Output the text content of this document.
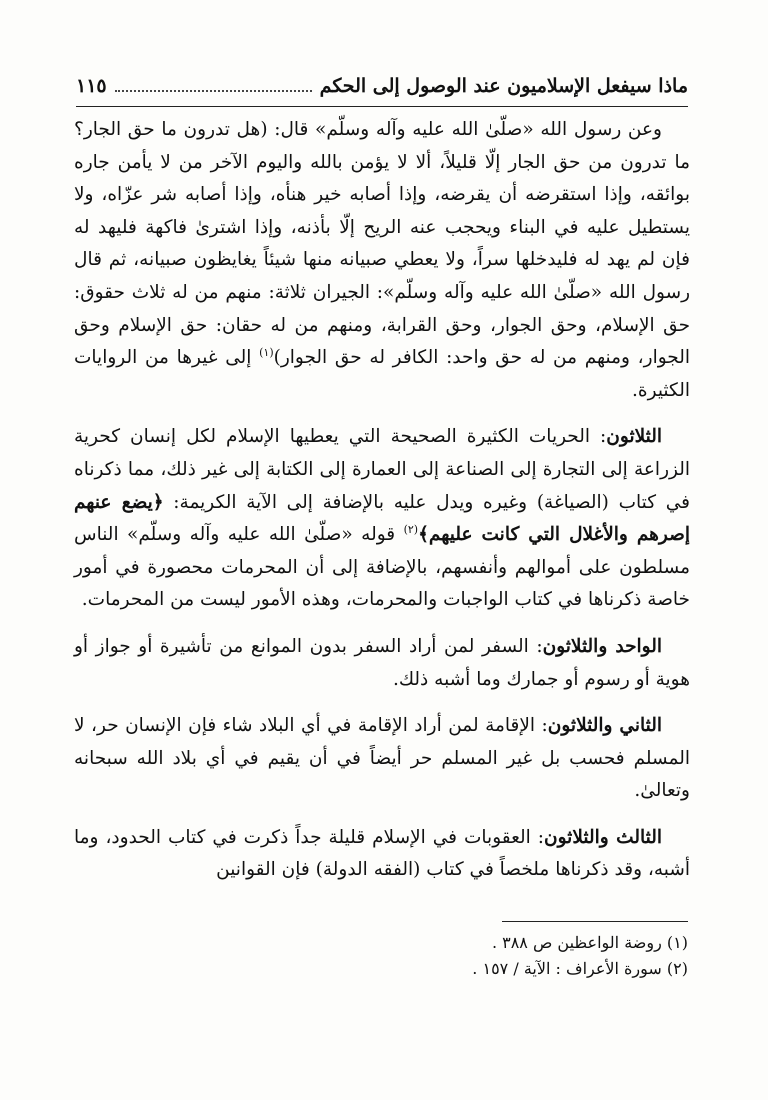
ماذا سيفعل الإسلاميون عند الوصول إلى الحكم
١١٥

وعن رسول الله «صلّىٰ الله عليه وآله وسلّم» قال: (هل تدرون ما حق الجار؟ ما تدرون من حق الجار إلّا قليلاً، ألا لا يؤمن بالله واليوم الآخر من لا يأمن جاره بوائقه، وإذا استقرضه أن يقرضه، وإذا أصابه خير هنأه، وإذا أصابه شر عزّاه، ولا يستطيل عليه في البناء ويحجب عنه الريح إلّا بأذنه، وإذا اشترىٰ فاكهة فليهد له فإن لم يهد له فليدخلها سراً، ولا يعطي صبيانه منها شيئاً يغايظون صبيانه، ثم قال رسول الله «صلّىٰ الله عليه وآله وسلّم»: الجيران ثلاثة: منهم من له ثلاث حقوق: حق الإسلام، وحق الجوار، وحق القرابة، ومنهم من له حقان: حق الإسلام وحق الجوار، ومنهم من له حق واحد: الكافر له حق الجوار)$^{(١)}$ إلى غيرها من الروايات الكثيرة.

الثلاثون: الحريات الكثيرة الصحيحة التي يعطيها الإسلام لكل إنسان كحرية الزراعة إلى التجارة إلى الصناعة إلى العمارة إلى الكتابة إلى غير ذلك، مما ذكرناه في كتاب (الصياغة) وغيره ويدل عليه بالإضافة إلى الآية الكريمة: ﴿يضع عنهم إصرهم والأغلال التي كانت عليهم﴾$^{(٢)}$ قوله «صلّىٰ الله عليه وآله وسلّم» الناس مسلطون على أموالهم وأنفسهم، بالإضافة إلى أن المحرمات محصورة في أمور خاصة ذكرناها في كتاب الواجبات والمحرمات، وهذه الأمور ليست من المحرمات.

الواحد والثلاثون: السفر لمن أراد السفر بدون الموانع من تأشيرة أو جواز أو هوية أو رسوم أو جمارك وما أشبه ذلك.

الثاني والثلاثون: الإقامة لمن أراد الإقامة في أي البلاد شاء فإن الإنسان حر، لا المسلم فحسب بل غير المسلم حر أيضاً في أن يقيم في أي بلاد الله سبحانه وتعالىٰ.

الثالث والثلاثون: العقوبات في الإسلام قليلة جداً ذكرت في كتاب الحدود، وما أشبه، وقد ذكرناها ملخصاً في كتاب (الفقه الدولة) فإن القوانين

(١) روضة الواعظين ص ٣٨٨ .
(٢) سورة الأعراف : الآية / ١٥٧ .
